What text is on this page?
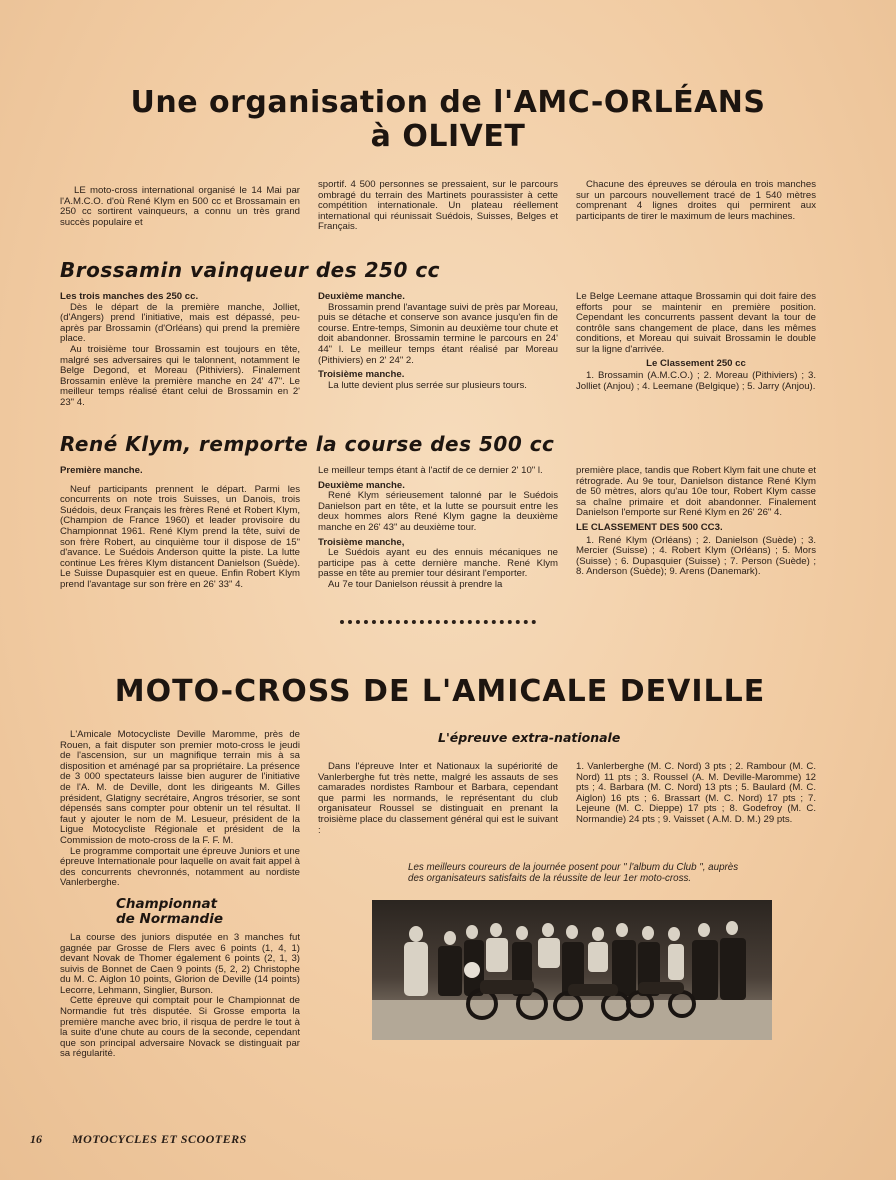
Une organisation de l'AMC-ORLÉANS
à OLIVET

LE moto-cross international organisé le 14 Mai par l'A.M.C.O. d'où René Klym en 500 cc et Brossamain en 250 cc sortirent vainqueurs, a connu un très grand succès populaire et

sportif. 4 500 personnes se pressaient, sur le parcours ombragé du terrain des Martinets pourassister à cette compétition internationale. Un plateau réellement international qui réunissait Suédois, Suisses, Belges et Français.

Chacune des épreuves se déroula en trois manches sur un parcours nouvellement tracé de 1 540 mètres comprenant 4 lignes droites qui permirent aux participants de tirer le maximum de leurs machines.

Brossamin vainqueur des 250 cc

Les trois manches des 250 cc.

Dès le départ de la première manche, Jolliet, (d'Angers) prend l'initiative, mais est dépassé, peu-après par Brossamin (d'Orléans) qui prend la première place.

Au troisième tour Brossamin est toujours en tête, malgré ses adversaires qui le talonnent, notamment le Belge Degond, et Moreau (Pithiviers). Finalement Brossamin enlève la première manche en 24' 47". Le meilleur temps réalisé étant celui de Brossamin en 2' 23" 4.

Deuxième manche.

Brossamin prend l'avantage suivi de près par Moreau, puis se détache et conserve son avance jusqu'en fin de course. Entre-temps, Simonin au deuxième tour chute et doit abandonner. Brossamin termine le parcours en 24' 44" l. Le meilleur temps étant réalisé par Moreau (Pithiviers) en 2' 24" 2.

Troisième manche.

La lutte devient plus serrée sur plusieurs tours.

Le Belge Leemane attaque Brossamin qui doit faire des efforts pour se maintenir en première position. Cependant les concurrents passent devant la tour de contrôle sans changement de place, dans les mêmes conditions, et Moreau qui suivait Brossamin le double sur la ligne d'arrivée.

Le Classement 250 cc

1. Brossamin (A.M.C.O.) ; 2. Moreau (Pithiviers) ; 3. Jolliet (Anjou) ; 4. Leemane (Belgique) ; 5. Jarry (Anjou).

René Klym, remporte la course des 500 cc

Première manche.

Neuf participants prennent le départ. Parmi les concurrents on note trois Suisses, un Danois, trois Suédois, deux Français les frères René et Robert Klym, (Champion de France 1960) et leader provisoire du Championnat 1961. René Klym prend la tête, suivi de son frère Robert, au cinquième tour il dispose de 15" d'avance. Le Suédois Anderson quitte la piste. La lutte continue Les frères Klym distancent Danielson (Suède). Le Suisse Dupasquier est en queue. Enfin Robert Klym prend l'avantage sur son frère en 26' 33" 4.

Le meilleur temps étant à l'actif de ce dernier 2' 10" l.

Deuxième manche.

René Klym sérieusement talonné par le Suédois Danielson part en tête, et la lutte se poursuit entre les deux hommes alors René Klym gagne la deuxième manche en 26' 43" au deuxième tour.

Troisième manche,

Le Suédois ayant eu des ennuis mécaniques ne participe pas à cette dernière manche. René Klym passe en tête au premier tour désirant l'emporter.

Au 7e tour Danielson réussit à prendre la

première place, tandis que Robert Klym fait une chute et rétrograde. Au 9e tour, Danielson distance René Klym de 50 mètres, alors qu'au 10e tour, Robert Klym casse sa chaîne primaire et doit abandonner. Finalement Danielson l'emporte sur René Klym en 26' 26" 4.

LE CLASSEMENT DES 500 CC3.

1. René Klym (Orléans) ; 2. Danielson (Suède) ; 3. Mercier (Suisse) ; 4. Robert Klym (Orléans) ; 5. Mors (Suisse) ; 6. Dupasquier (Suisse) ; 7. Person (Suède) ; 8. Anderson (Suède); 9. Arens (Danemark).

MOTO-CROSS DE L'AMICALE DEVILLE

L'Amicale Motocycliste Deville Maromme, près de Rouen, a fait disputer son premier moto-cross le jeudi de l'ascension, sur un magnifique terrain mis à sa disposition et aménagé par sa propriétaire. La présence de 3 000 spectateurs laisse bien augurer de l'initiative de l'A. M. de Deville, dont les dirigeants M. Gilles président, Glatigny secrétaire, Angros trésorier, se sont dépensés sans compter pour obtenir un tel résultat. Il faut y ajouter le nom de M. Lesueur, président de la Ligue Motocycliste Régionale et président de la Commission de moto-cross de la F. F. M.

Le programme comportait une épreuve Juniors et une épreuve Internationale pour laquelle on avait fait appel à des concurrents chevronnés, notamment au nordiste Vanlerberghe.

Championnat
de Normandie

La course des juniors disputée en 3 manches fut gagnée par Grosse de Flers avec 6 points (1, 4, 1) devant Novak de Thomer également 6 points (2, 1, 3) suivis de Bonnet de Caen 9 points (5, 2, 2) Christophe du M. C. Aiglon 10 points, Glorion de Deville (14 points) Lecorre, Lehmann, Singlier, Burson.

Cette épreuve qui comptait pour le Championnat de Normandie fut très disputée. Si Grosse emporta la première manche avec brio, il risqua de perdre le tout à la suite d'une chute au cours de la seconde, cependant que son principal adversaire Novack se distinguait par sa régularité.

L'épreuve extra-nationale

Dans l'épreuve Inter et Nationaux la supériorité de Vanlerberghe fut très nette, malgré les assauts de ses camarades nordistes Rambour et Barbara, cependant que parmi les normands, le représentant du club organisateur Roussel se distinguait en prenant la troisième place du classement général qui est le suivant :

1. Vanlerberghe (M. C. Nord) 3 pts ; 2. Rambour (M. C. Nord) 11 pts ; 3. Roussel (A. M. Deville-Maromme) 12 pts ; 4. Barbara (M. C. Nord) 13 pts ; 5. Baulard (M. C. Aiglon) 16 pts ; 6. Brassart (M. C. Nord) 17 pts ; 7. Lejeune (M. C. Dieppe) 17 pts ; 8. Godefroy (M. C. Normandie) 24 pts ; 9. Vaisset ( A.M. D. M.) 29 pts.

Les meilleurs coureurs de la journée posent pour " l'album du Club ", auprès des organisateurs satisfaits de la réussite de leur 1er moto-cross.
16	MOTOCYCLES ET SCOOTERS
